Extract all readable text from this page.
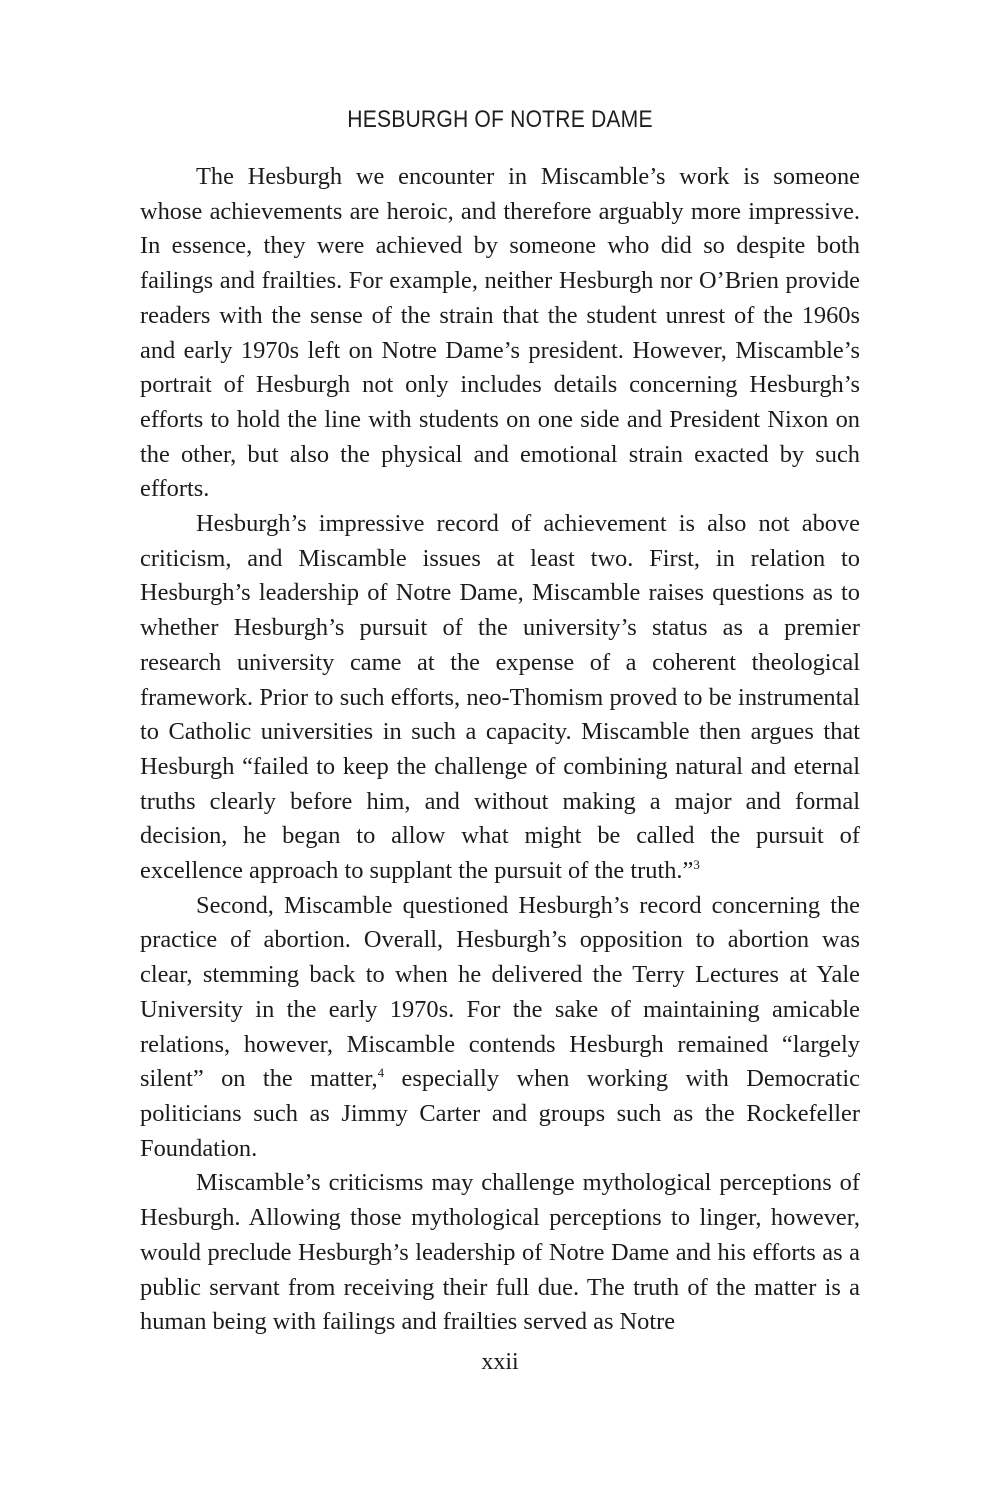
HESBURGH OF NOTRE DAME

The Hesburgh we encounter in Miscamble’s work is someone whose achievements are heroic, and therefore arguably more impressive. In essence, they were achieved by someone who did so despite both failings and frailties. For example, neither Hesburgh nor O’Brien provide readers with the sense of the strain that the student unrest of the 1960s and early 1970s left on Notre Dame’s president. However, Miscamble’s portrait of Hesburgh not only includes details concerning Hesburgh’s efforts to hold the line with students on one side and President Nixon on the other, but also the physical and emotional strain exacted by such efforts.

Hesburgh’s impressive record of achievement is also not above criticism, and Miscamble issues at least two. First, in relation to Hesburgh’s leadership of Notre Dame, Miscamble raises questions as to whether Hesburgh’s pursuit of the university’s status as a premier research university came at the expense of a coherent theological framework. Prior to such efforts, neo-Thomism proved to be instrumental to Catholic universities in such a capacity. Miscamble then argues that Hesburgh “failed to keep the challenge of combining natural and eternal truths clearly before him, and without making a major and formal decision, he began to allow what might be called the pursuit of excellence approach to supplant the pursuit of the truth.”$^3$

Second, Miscamble questioned Hesburgh’s record concerning the practice of abortion. Overall, Hesburgh’s opposition to abortion was clear, stemming back to when he delivered the Terry Lectures at Yale University in the early 1970s. For the sake of maintaining amicable relations, however, Miscamble contends Hesburgh remained “largely silent” on the matter,$^4$ especially when working with Democratic politicians such as Jimmy Carter and groups such as the Rockefeller Foundation.

Miscamble’s criticisms may challenge mythological perceptions of Hesburgh. Allowing those mythological perceptions to linger, however, would preclude Hesburgh’s leadership of Notre Dame and his efforts as a public servant from receiving their full due. The truth of the matter is a human being with failings and frailties served as Notre

xxii
